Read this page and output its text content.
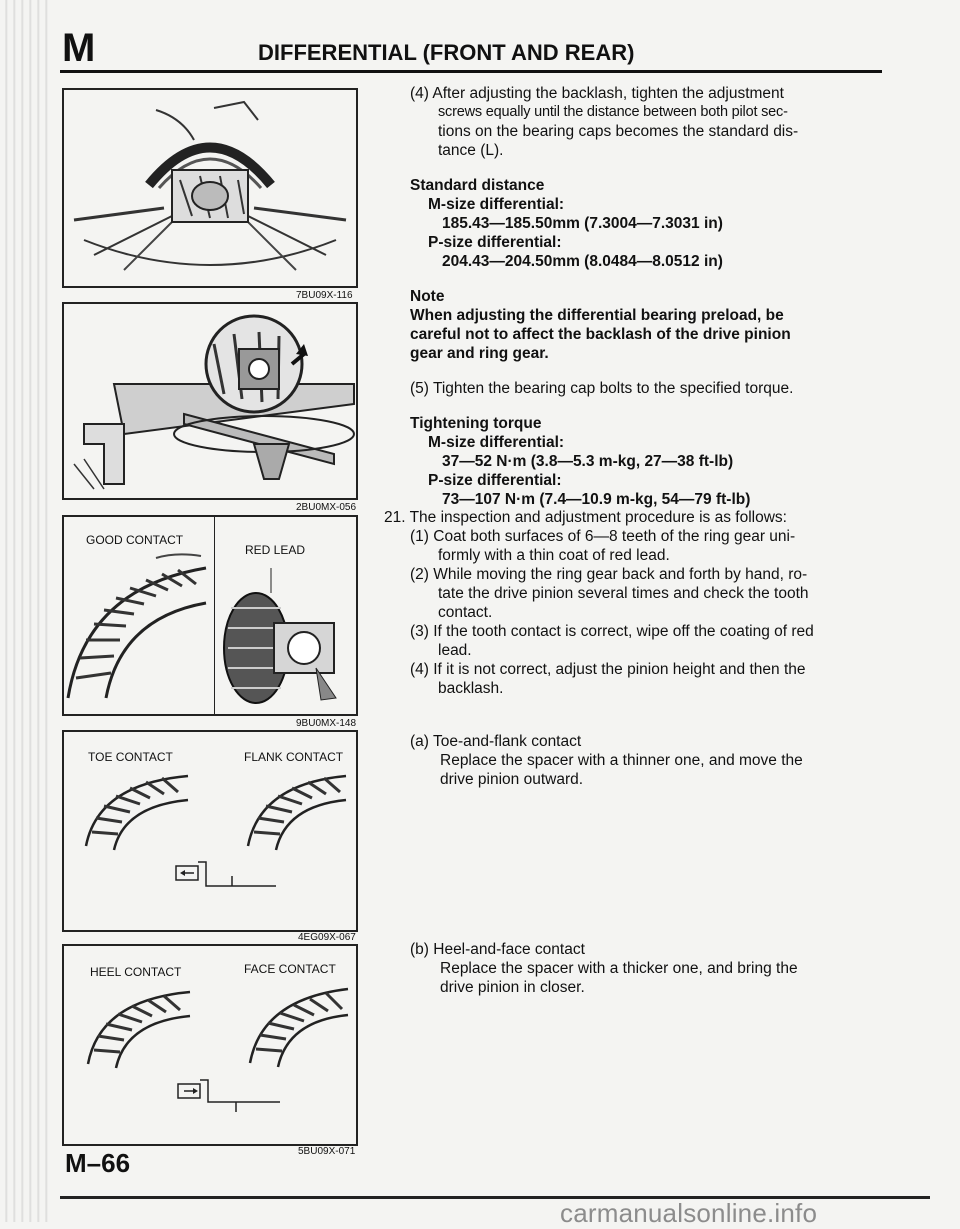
M	DIFFERENTIAL (FRONT AND REAR)
7BU09X-116
2BU0MX-056
GOOD CONTACT
RED LEAD
9BU0MX-148
TOE CONTACT	FLANK CONTACT
4EG09X-067
HEEL CONTACT	FACE CONTACT
5BU09X-071

(4) After adjusting the backlash, tighten the adjustment

screws equally until the distance between both pilot sec-

tions on the bearing caps becomes the standard dis-

tance (L).

Standard distance

M-size differential:

185.43—185.50mm (7.3004—7.3031 in)

P-size differential:

204.43—204.50mm (8.0484—8.0512 in)

Note

When adjusting the differential bearing preload, be

careful not to affect the backlash of the drive pinion

gear and ring gear.

(5) Tighten the bearing cap bolts to the specified torque.

Tightening torque

M-size differential:

37—52 N·m (3.8—5.3 m-kg, 27—38 ft-lb)

P-size differential:

73—107 N·m (7.4—10.9 m-kg, 54—79 ft-lb)

21. The inspection and adjustment procedure is as follows:

(1) Coat both surfaces of 6—8 teeth of the ring gear uni-

formly with a thin coat of red lead.

(2) While moving the ring gear back and forth by hand, ro-

tate the drive pinion several times and check the tooth

contact.

(3) If the tooth contact is correct, wipe off the coating of red

lead.

(4) If it is not correct, adjust the pinion height and then the

backlash.

(a) Toe-and-flank contact

Replace the spacer with a thinner one, and move the

drive pinion outward.

(b) Heel-and-face contact

Replace the spacer with a thicker one, and bring the

drive pinion in closer.

M–66
carmanualsonline.info
